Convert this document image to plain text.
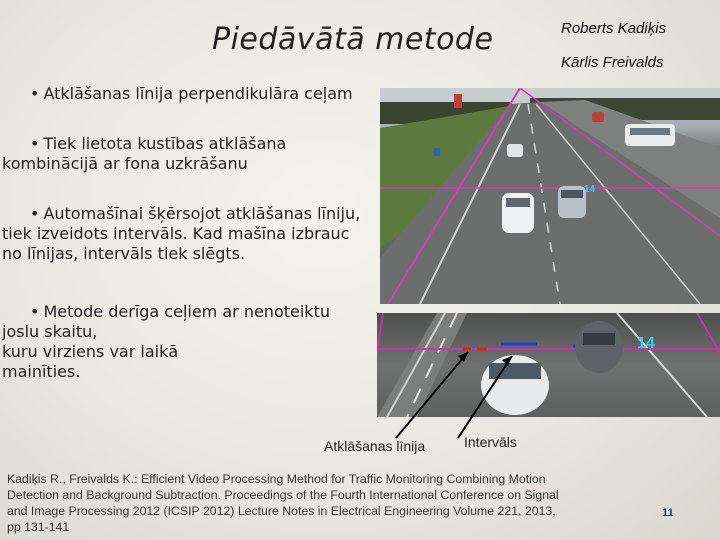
Piedāvātā metode	Roberts Kadiķis
Kārlis Freivalds
14
14
• Atklāšanas līnija perpendikulāra ceļam
• Tiek lietota kustības atklāšana
kombinācijā ar fona uzkrāšanu
• Automašīnai šķērsojot atklāšanas līniju,
tiek izveidots intervāls. Kad mašīna izbrauc
no līnijas, intervāls tiek slēgts.
• Metode derīga ceļiem ar nenoteiktu
joslu skaitu,
kuru virziens var laikā
mainīties.
Atklāšanas līnija	Intervāls
Kadiķis R., Freivalds K.: Efficient Video Processing Method for Traffic Monitoring Combining Motion
Detection and Background Subtraction. Proceedings of the Fourth International Conference on Signal
and Image Processing 2012 (ICSIP 2012) Lecture Notes in Electrical Engineering Volume 221, 2013,
pp 131-141
11
